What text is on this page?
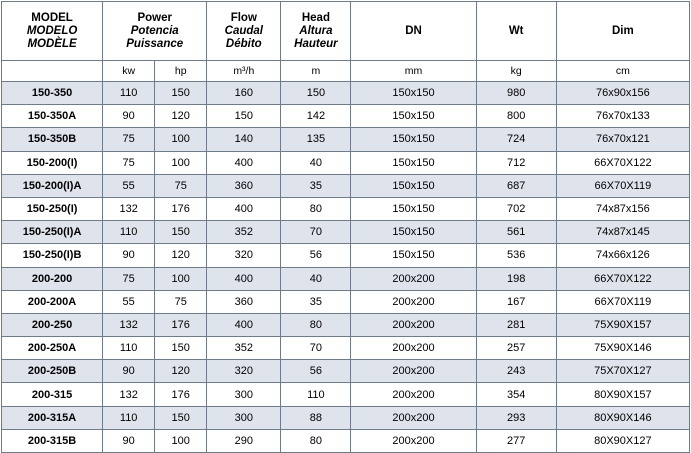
MODEL
MODELO
MODÈLE	Power
Potencia
Puissance		Flow
Caudal
Débito	Head
Altura
Hauteur	DN	Wt	Dim

	kw	hp	m³/h	m	mm	kg	cm
150-350	110	150	160	150	150x150	980	76x90x156
150-350A	90	120	150	142	150x150	800	76x70x133
150-350B	75	100	140	135	150x150	724	76x70x121
150-200(I)	75	100	400	40	150x150	712	66X70X122
150-200(I)A	55	75	360	35	150x150	687	66X70X119
150-250(I)	132	176	400	80	150x150	702	74x87x156
150-250(I)A	110	150	352	70	150x150	561	74x87x145
150-250(I)B	90	120	320	56	150x150	536	74x66x126
200-200	75	100	400	40	200x200	198	66X70X122
200-200A	55	75	360	35	200x200	167	66X70X119
200-250	132	176	400	80	200x200	281	75X90X157
200-250A	110	150	352	70	200x200	257	75X90X146
200-250B	90	120	320	56	200x200	243	75X70X127
200-315	132	176	300	110	200x200	354	80X90X157
200-315A	110	150	300	88	200x200	293	80X90X146
200-315B	90	100	290	80	200x200	277	80X90X127
